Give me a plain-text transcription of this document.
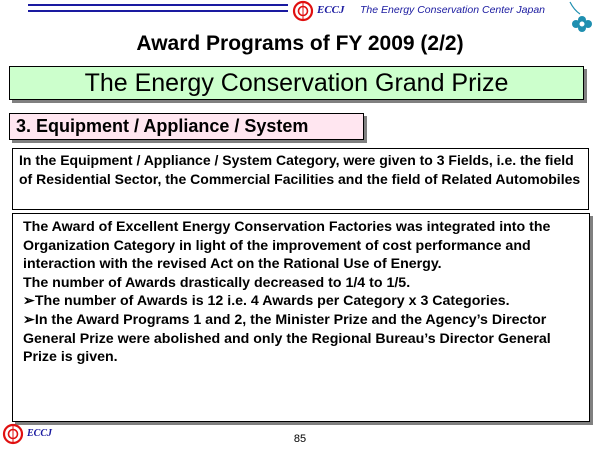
ECCJ The Energy Conservation Center Japan
Award Programs of FY 2009 (2/2)
The Energy Conservation Grand Prize
3. Equipment / Appliance / System
In the Equipment / Appliance / System Category, were given to 3 Fields, i.e. the field of Residential Sector, the Commercial Facilities and the field of Related Automobiles

The Award of Excellent Energy Conservation Factories was integrated into the Organization Category in light of the improvement of cost performance and interaction with the revised Act on the Rational Use of Energy.

The number of Awards drastically decreased to 1/4 to 1/5.

➢The number of Awards is 12 i.e. 4 Awards per Category x 3 Categories.

➢In the Award Programs 1 and 2, the Minister Prize and the Agency’s Director General Prize were abolished and only the Regional Bureau’s Director General Prize is given.

ECCJ	85
